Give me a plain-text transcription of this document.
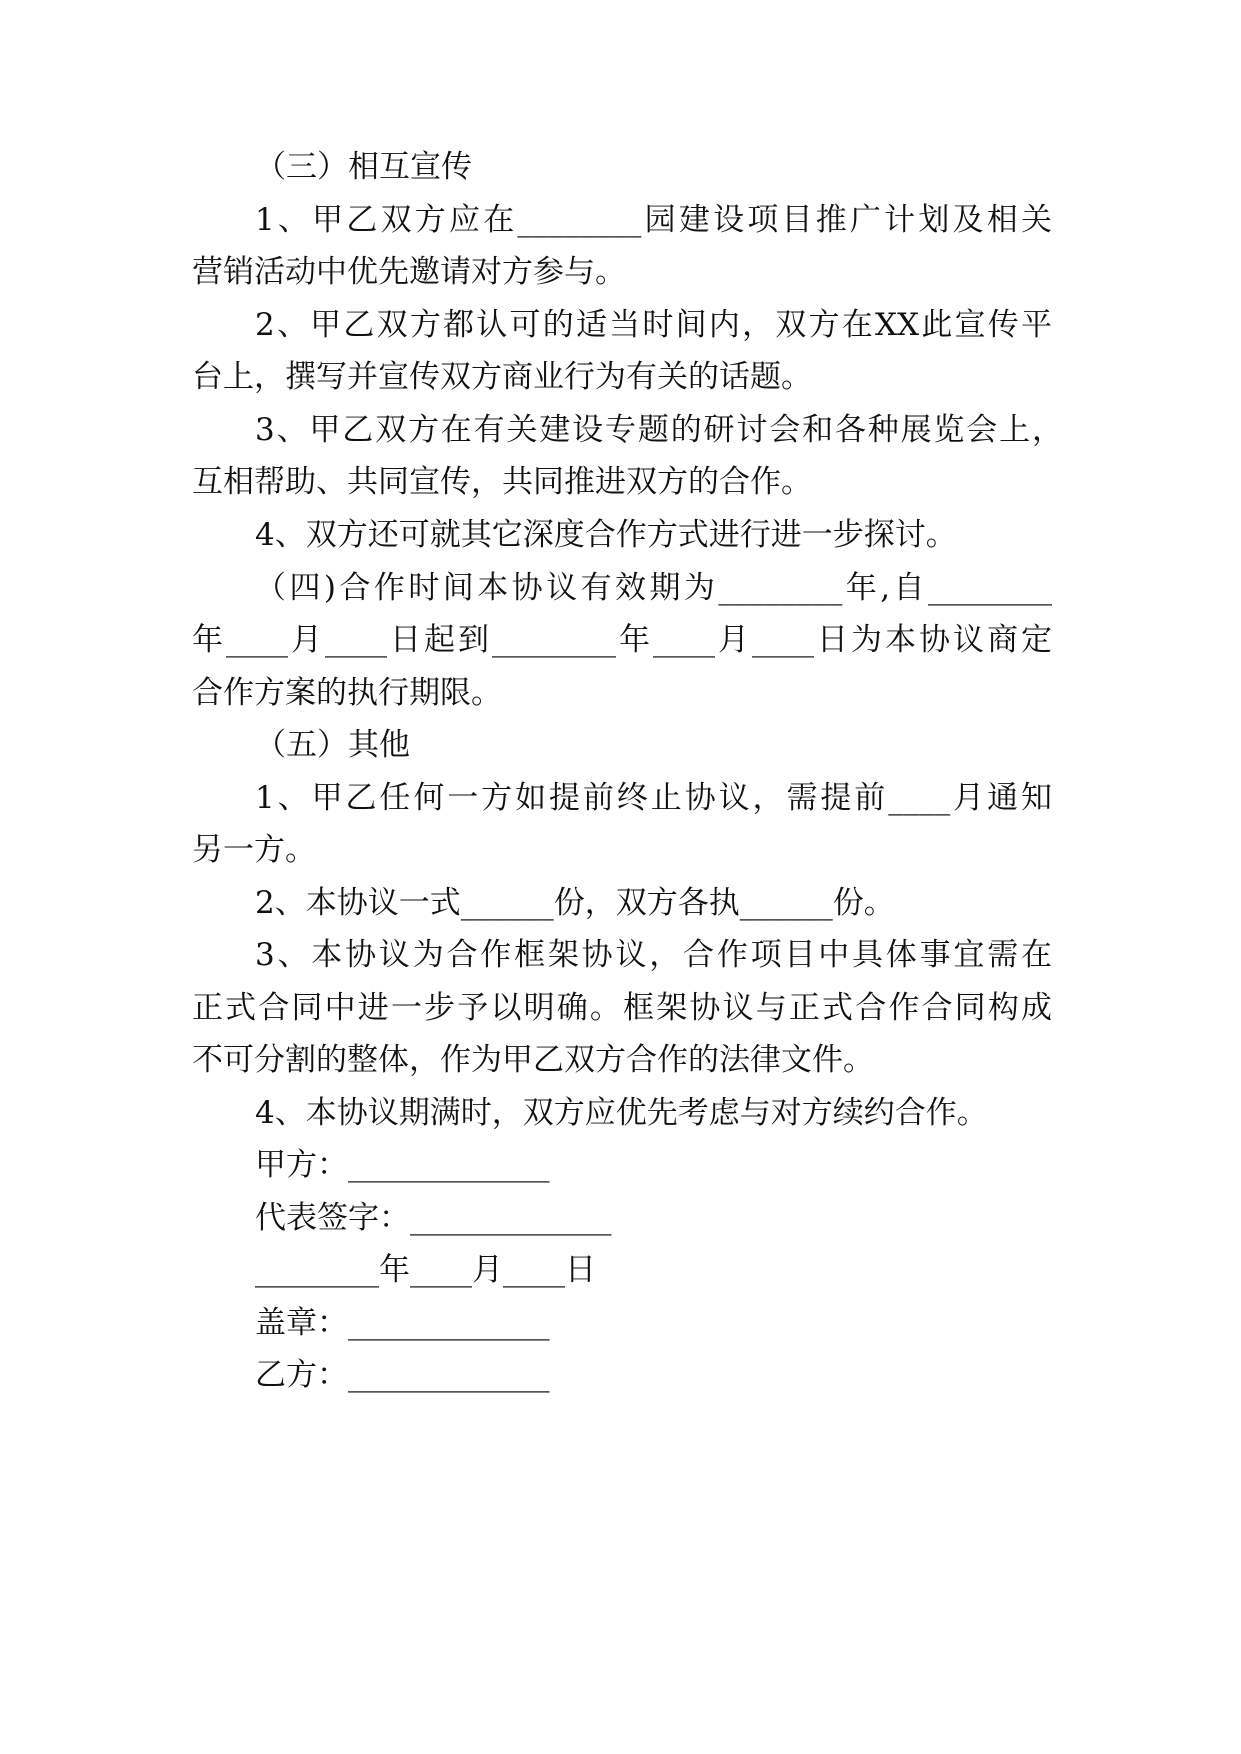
（三）相互宣传

1、甲乙双方应在________园建设项目推广计划及相关

营销活动中优先邀请对方参与。

2、甲乙双方都认可的适当时间内，双方在XX此宣传平

台上，撰写并宣传双方商业行为有关的话题。

3、甲乙双方在有关建设专题的研讨会和各种展览会上，

互相帮助、共同宣传，共同推进双方的合作。

4、双方还可就其它深度合作方式进行进一步探讨。

（四)合作时间本协议有效期为________年,自________

年____月____日起到________年____月____日为本协议商定

合作方案的执行期限。

（五）其他

1、甲乙任何一方如提前终止协议，需提前____月通知

另一方。

2、本协议一式______份，双方各执______份。

3、本协议为合作框架协议，合作项目中具体事宜需在

正式合同中进一步予以明确。框架协议与正式合作合同构成

不可分割的整体，作为甲乙双方合作的法律文件。

4、本协议期满时，双方应优先考虑与对方续约合作。

甲方：_____________

代表签字：_____________

________年____月____日

盖章：_____________

乙方：_____________
